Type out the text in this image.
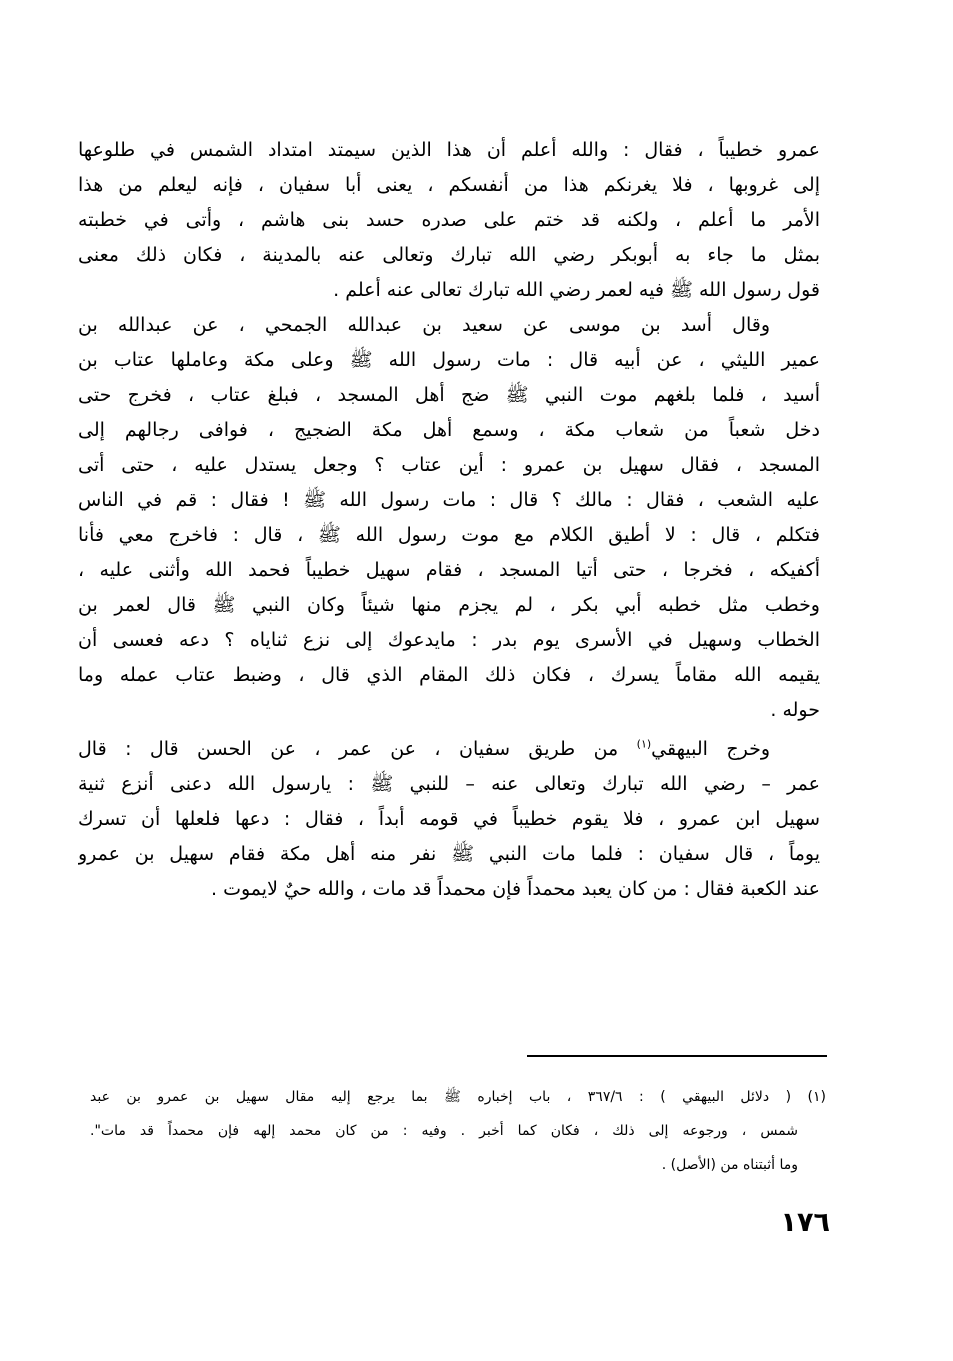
عمرو خطيباً ، فقال : والله أعلم أن هذا الذين سيمتد امتداد الشمس في طلوعها
إلى غروبها ، فلا يغرنكم هذا من أنفسكم ، يعنى أبا سفيان ، فإنه ليعلم من هذا
الأمر ما أعلم ، ولكنه قد ختم على صدره حسد بنى هاشم ، وأتى في خطبته
بمثل ما جاء به أبوبكر رضي الله تبارك وتعالى عنه بالمدينة ، فكان ذلك معنى
قول رسول الله ﷺ فيه لعمر رضي الله تبارك تعالى عنه أعلم .
وقال أسد بن موسى عن سعيد بن عبدالله الجمحي ، عن عبدالله بن
عمير الليثي ، عن أبيه قال : مات رسول الله ﷺ وعلى مكة وعاملها عتاب بن
أسيد ، فلما بلغهم موت النبي ﷺ ضج أهل المسجد ، فبلغ عتاب ، فخرج حتى
دخل شعباً من شعاب مكة ، وسمع أهل مكة الضجيج ، فوافى رجالهم إلى
المسجد ، فقال سهيل بن عمرو : أين عتاب ؟ وجعل يستدل عليه ، حتى أتى
عليه الشعب ، فقال : مالك ؟ قال : مات رسول الله ﷺ ! فقال : قم في الناس
فتكلم ، قال : لا أطيق الكلام مع موت رسول الله ﷺ ، قال : فاخرج معي فأنا
أكفيكه ، فخرجا ، حتى أتيا المسجد ، فقام سهيل خطيباً فحمد الله وأثنى عليه ،
وخطب مثل خطبه أبي بكر ، لم يجزم منها شيئاً وكان النبي ﷺ قال لعمر بن
الخطاب وسهيل في الأسرى يوم بدر : مايدعوك إلى نزع ثناياه ؟ دعه فعسى أن
يقيمه الله مقاماً يسرك ، فكان ذلك المقام الذي قال ، وضبط عتاب عمله وما
حوله .
وخرج البيهقي$^{(١)}$ من طريق سفيان ، عن عمر ، عن الحسن قال : قال
عمر – رضي الله تبارك وتعالى عنه – للنبي ﷺ : يارسول الله دعنى أنزع ثنية
سهيل ابن عمرو ، فلا يقوم خطيباً في قومه أبداً ، فقال : دعها فلعلها أن تسرك
يوماً ، قال سفيان : فلما مات النبي ﷺ نفر منه أهل مكة فقام سهيل بن عمرو
عند الكعبة فقال : من كان يعبد محمداً فإن محمداً قد مات ، والله حيٌ لايموت .
(١) ( دلائل البيهقي ) : ٣٦٧/٦ ، باب إخباره ﷺ بما يرجع إليه مقال سهيل بن عمرو بن عبد
شمس ، ورجوعه إلى ذلك ، فكان كما أخبر . وفيه : من كان محمد إلهه فإن محمداً قد مات".
وما أثبتناه من (الأصل) .
١٧٦
